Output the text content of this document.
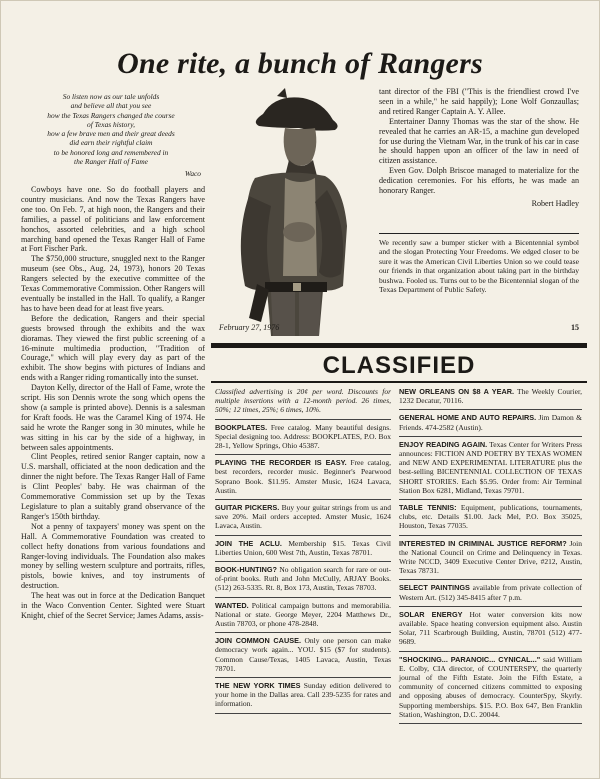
One rite, a bunch of Rangers
So listen now as our tale unfolds
and believe all that you see
how the Texas Rangers changed the course
of Texas history,
how a few brave men and their great deeds
did earn their rightful claim
to be honored long and remembered in
the Ranger Hall of Fame
Waco

Cowboys have one. So do football players and country musicians. And now the Texas Rangers have one too. On Feb. 7, at high noon, the Rangers and their families, a passel of politicians and law enforcement honchos, assorted celebrities, and a high school marching band opened the Texas Ranger Hall of Fame at Fort Fischer Park.

The $750,000 structure, snuggled next to the Ranger museum (see Obs., Aug. 24, 1973), honors 20 Texas Rangers selected by the executive committee of the Texas Commemorative Commission. Other Rangers will eventually be installed in the Hall. To qualify, a Ranger has to have been dead for at least five years.

Before the dedication, Rangers and their special guests browsed through the exhibits and the wax dioramas. They viewed the first public screening of a 16-minute multimedia production, "Tradition of Courage," which will play every day as part of the exhibit. The show begins with pictures of Indians and ends with a Ranger riding romantically into the sunset.

Dayton Kelly, director of the Hall of Fame, wrote the script. His son Dennis wrote the song which opens the show (a sample is printed above). Dennis is a salesman for Kraft foods. He was the Caramel King of 1974. He said he wrote the Ranger song in 30 minutes, while he was sitting in his car by the side of a highway, in between sales appointments.

Clint Peoples, retired senior Ranger captain, now a U.S. marshall, officiated at the noon dedication and the dinner the night before. The Texas Ranger Hall of Fame is Clint Peoples' baby. He was chairman of the Commemorative Commission set up by the Texas Legislature to plan a suitably grand observance of the Ranger's 150th birthday.

Not a penny of taxpayers' money was spent on the Hall. A Commemorative Foundation was created to collect hefty donations from various foundations and Ranger-loving individuals. The Foundation also makes money by selling western sculpture and portraits, rifles, pistols, bowie knives, and toy instruments of destruction.

The heat was out in force at the Dedication Banquet in the Waco Convention Center. Sighted were Stuart Knight, chief of the Secret Service; James Adams, assis-

tant director of the FBI ("This is the friendliest crowd I've seen in a while," he said happily); Lone Wolf Gonzaullas; and retired Ranger Captain A. Y. Allee.

Entertainer Danny Thomas was the star of the show. He revealed that he carries an AR-15, a machine gun developed for use during the Vietnam War, in the trunk of his car in case he should happen upon an officer of the law in need of citizen assistance.

Even Gov. Dolph Briscoe managed to materialize for the dedication ceremonies. For his efforts, he was made an honorary Ranger.

Robert Hadley
We recently saw a bumper sticker with a Bicentennial symbol and the slogan Protecting Your Freedoms. We edged closer to be sure it was the American Civil Liberties Union so we could tease our friends in that organization about taking part in the birthday bushwa. Fooled us. Turns out to be the Bicentennial slogan of the Texas Department of Public Safety.
February 27, 1976	15
CLASSIFIED
Classified advertising is 20¢ per word. Discounts for multiple insertions with a 12-month period. 26 times, 50%; 12 times, 25%; 6 times, 10%.
BOOKPLATES. Free catalog. Many beautiful designs. Special designing too. Address: BOOKPLATES, P.O. Box 28-1, Yellow Springs, Ohio 45387.
PLAYING THE RECORDER IS EASY. Free catalog, best recorders, recorder music. Beginner's Pearwood Soprano Book. $11.95. Amster Music, 1624 Lavaca, Austin.
GUITAR PICKERS. Buy your guitar strings from us and save 20%. Mail orders accepted. Amster Music, 1624 Lavaca, Austin.
JOIN THE ACLU. Membership $15. Texas Civil Liberties Union, 600 West 7th, Austin, Texas 78701.
BOOK-HUNTING? No obligation search for rare or out-of-print books. Ruth and John McCully, ARJAY Books. (512) 263-5335. Rt. 8, Box 173, Austin, Texas 78703.
WANTED. Political campaign buttons and memorabilia. National or state. George Meyer, 2204 Matthews Dr., Austin 78703, or phone 478-2848.
JOIN COMMON CAUSE. Only one person can make democracy work again... YOU. $15 ($7 for students). Common Cause/Texas, 1405 Lavaca, Austin, Texas 78701.
THE NEW YORK TIMES Sunday edition delivered to your home in the Dallas area. Call 239-5235 for rates and information.
NEW ORLEANS ON $8 A YEAR. The Weekly Courier, 1232 Decatur, 70116.
GENERAL HOME AND AUTO REPAIRS. Jim Damon & Friends. 474-2582 (Austin).
ENJOY READING AGAIN. Texas Center for Writers Press announces: FICTION AND POETRY BY TEXAS WOMEN and NEW AND EXPERIMENTAL LITERATURE plus the best-selling BICENTENNIAL COLLECTION OF TEXAS SHORT STORIES. Each $5.95. Order from: Air Terminal Station Box 6281, Midland, Texas 79701.
TABLE TENNIS: Equipment, publications, tournaments, clubs, etc. Details $1.00. Jack Mel, P.O. Box 35025, Houston, Texas 77035.
INTERESTED IN CRIMINAL JUSTICE REFORM? Join the National Council on Crime and Delinquency in Texas. Write NCCD, 3409 Executive Center Drive, #212, Austin, Texas 78731.
SELECT PAINTINGS available from private collection of Western Art. (512) 345-8415 after 7 p.m.
SOLAR ENERGY Hot water conversion kits now available. Space heating conversion equipment also. Austin Solar, 711 Scarbrough Building, Austin, 78701 (512) 477-9689.
"SHOCKING... PARANOIC... CYNICAL..." said William E. Colby, CIA director, of COUNTERSPY, the quarterly journal of the Fifth Estate. Join the Fifth Estate, a community of concerned citizens committed to exposing and opposing abuses of democracy. CounterSpy, Skyrly. Supporting memberships. $15. P.O. Box 647, Ben Franklin Station, Washington, D.C. 20044.
